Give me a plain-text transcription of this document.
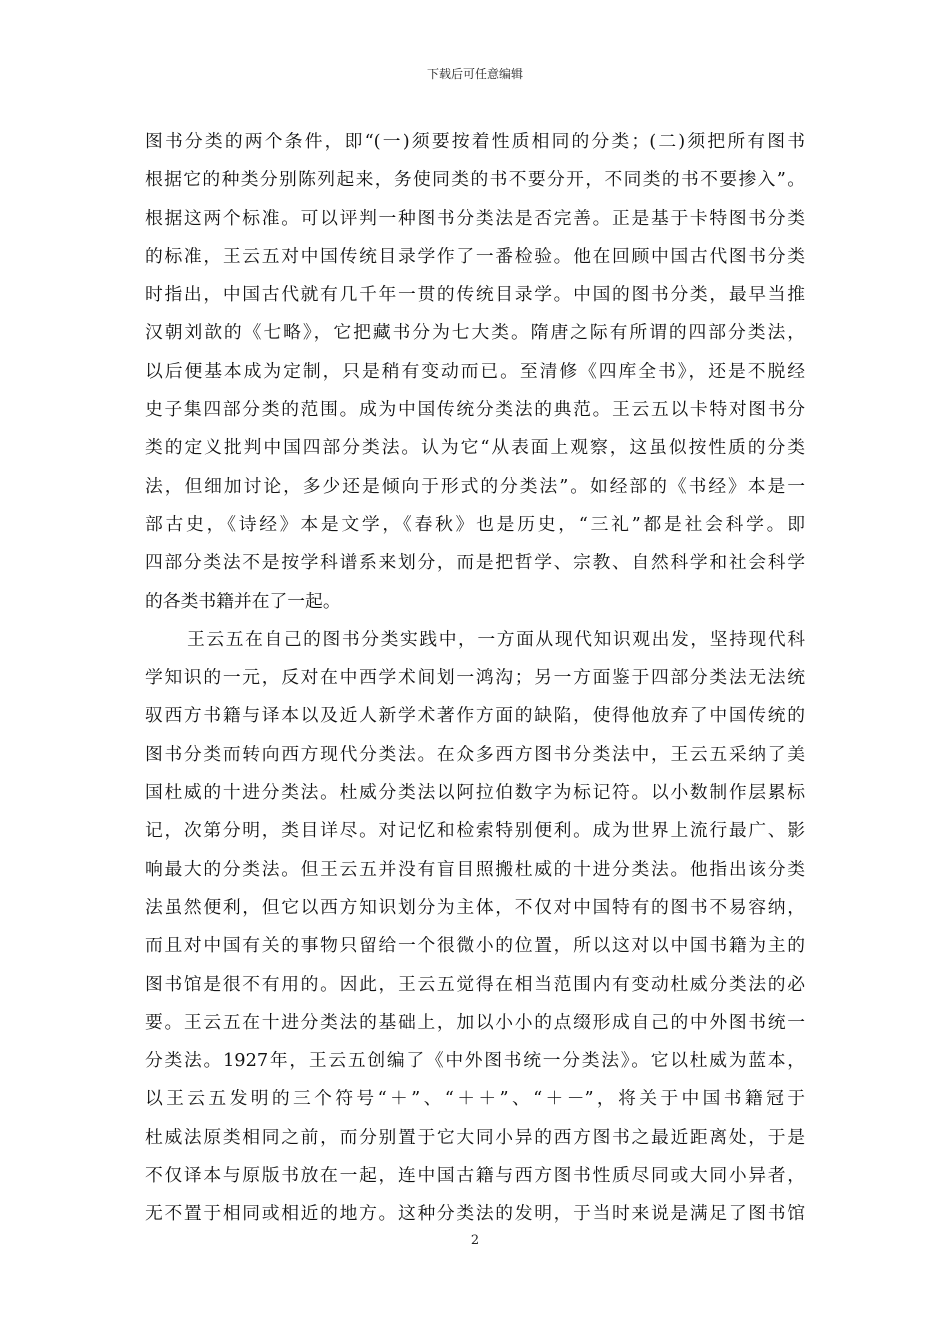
下载后可任意编辑
图书分类的两个条件，即“(一)须要按着性质相同的分类；(二)须把所有图书
根据它的种类分别陈列起来，务使同类的书不要分开，不同类的书不要掺入”。
根据这两个标准。可以评判一种图书分类法是否完善。正是基于卡特图书分类
的标准，王云五对中国传统目录学作了一番检验。他在回顾中国古代图书分类
时指出，中国古代就有几千年一贯的传统目录学。中国的图书分类，最早当推
汉朝刘歆的《七略》，它把藏书分为七大类。隋唐之际有所谓的四部分类法，
以后便基本成为定制，只是稍有变动而已。至清修《四库全书》，还是不脱经
史子集四部分类的范围。成为中国传统分类法的典范。王云五以卡特对图书分
类的定义批判中国四部分类法。认为它“从表面上观察，这虽似按性质的分类
法，但细加讨论，多少还是倾向于形式的分类法”。如经部的《书经》本是一
部古史，《诗经》本是文学，《春秋》也是历史，“三礼”都是社会科学。即
四部分类法不是按学科谱系来划分，而是把哲学、宗教、自然科学和社会科学
的各类书籍并在了一起。
王云五在自己的图书分类实践中，一方面从现代知识观出发，坚持现代科
学知识的一元，反对在中西学术间划一鸿沟；另一方面鉴于四部分类法无法统
驭西方书籍与译本以及近人新学术著作方面的缺陷，使得他放弃了中国传统的
图书分类而转向西方现代分类法。在众多西方图书分类法中，王云五采纳了美
国杜威的十进分类法。杜威分类法以阿拉伯数字为标记符。以小数制作层累标
记，次第分明，类目详尽。对记忆和检索特别便利。成为世界上流行最广、影
响最大的分类法。但王云五并没有盲目照搬杜威的十进分类法。他指出该分类
法虽然便利，但它以西方知识划分为主体，不仅对中国特有的图书不易容纳，
而且对中国有关的事物只留给一个很微小的位置，所以这对以中国书籍为主的
图书馆是很不有用的。因此，王云五觉得在相当范围内有变动杜威分类法的必
要。王云五在十进分类法的基础上，加以小小的点缀形成自己的中外图书统一
分类法。1927年，王云五创编了《中外图书统一分类法》。它以杜威为蓝本，
以王云五发明的三个符号“＋”、“＋＋”、“＋－”，将关于中国书籍冠于
杜威法原类相同之前，而分别置于它大同小异的西方图书之最近距离处，于是
不仅译本与原版书放在一起，连中国古籍与西方图书性质尽同或大同小异者，
无不置于相同或相近的地方。这种分类法的发明，于当时来说是满足了图书馆
2
